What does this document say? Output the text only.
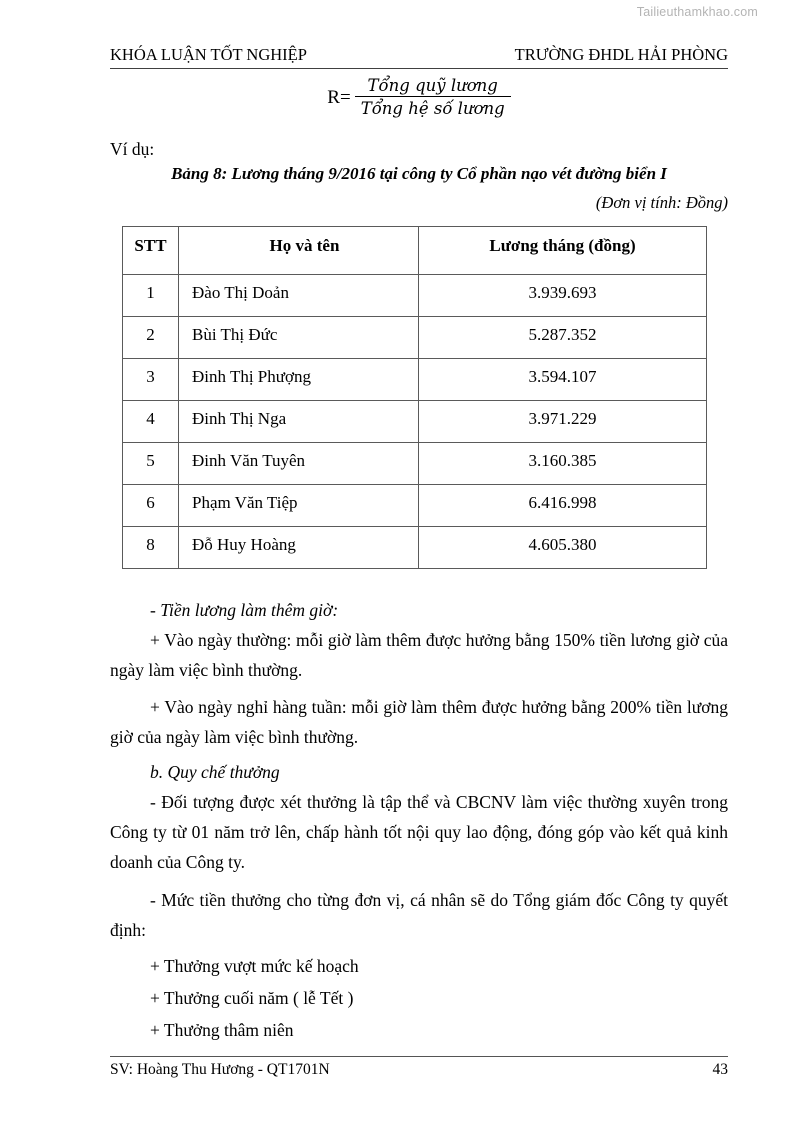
Tailieuthamkhao.com
KHÓA LUẬN TỐT NGHIỆP	TRƯỜNG ĐHDL HẢI PHÒNG
$R= \frac{\text{Tổng quỹ lương}}{\text{Tổng hệ số lương}}$
Ví dụ:
Bảng 8: Lương tháng 9/2016 tại công ty Cổ phần nạo vét đường biển I
(Đơn vị tính: Đồng)
STT	Họ và tên	Lương tháng (đồng)
1	Đào Thị Doản	3.939.693
2	Bùi Thị Đức	5.287.352
3	Đinh Thị Phượng	3.594.107
4	Đinh Thị Nga	3.971.229
5	Đinh Văn Tuyên	3.160.385
6	Phạm Văn Tiệp	6.416.998
8	Đỗ Huy Hoàng	4.605.380
- Tiền lương làm thêm giờ:
+ Vào ngày thường: mỗi giờ làm thêm được hưởng bằng 150% tiền lương giờ của ngày làm việc bình thường.
+ Vào ngày nghỉ hàng tuần: mỗi giờ làm thêm được hưởng bằng 200% tiền lương giờ của ngày làm việc bình thường.
b. Quy chế thưởng
- Đối tượng được xét thưởng là tập thể và CBCNV làm việc thường xuyên trong Công ty từ 01 năm trở lên, chấp hành tốt nội quy lao động, đóng góp vào kết quả kinh doanh của Công ty.
- Mức tiền thưởng cho từng đơn vị, cá nhân sẽ do Tổng giám đốc Công ty quyết định:
+ Thưởng vượt mức kế hoạch
+ Thưởng cuối năm ( lễ Tết )
+ Thưởng thâm niên
SV: Hoàng Thu Hương - QT1701N	43
